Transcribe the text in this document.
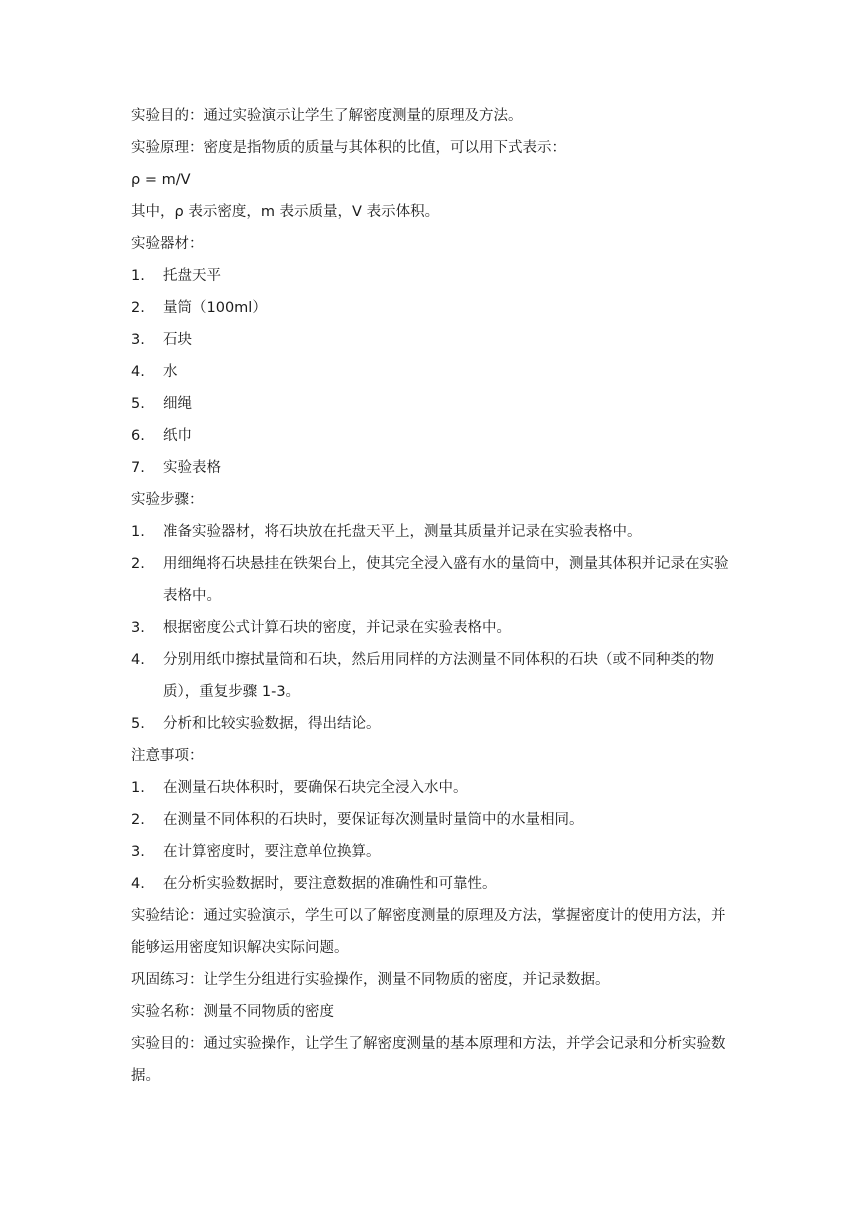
实验目的：通过实验演示让学生了解密度测量的原理及方法。
实验原理：密度是指物质的质量与其体积的比值，可以用下式表示：
ρ = m/V
其中，ρ 表示密度，m 表示质量，V 表示体积。
实验器材：
1.	托盘天平
2.	量筒（100ml）
3.	石块
4.	水
5.	细绳
6.	纸巾
7.	实验表格
实验步骤：
1.	准备实验器材，将石块放在托盘天平上，测量其质量并记录在实验表格中。
2.	用细绳将石块悬挂在铁架台上，使其完全浸入盛有水的量筒中，测量其体积并记录在实验表格中。
3.	根据密度公式计算石块的密度，并记录在实验表格中。
4.	分别用纸巾擦拭量筒和石块，然后用同样的方法测量不同体积的石块（或不同种类的物质），重复步骤 1-3。
5.	分析和比较实验数据，得出结论。
注意事项：
1.	在测量石块体积时，要确保石块完全浸入水中。
2.	在测量不同体积的石块时，要保证每次测量时量筒中的水量相同。
3.	在计算密度时，要注意单位换算。
4.	在分析实验数据时，要注意数据的准确性和可靠性。
实验结论：通过实验演示，学生可以了解密度测量的原理及方法，掌握密度计的使用方法，并能够运用密度知识解决实际问题。
巩固练习：让学生分组进行实验操作，测量不同物质的密度，并记录数据。
实验名称：测量不同物质的密度
实验目的：通过实验操作，让学生了解密度测量的基本原理和方法，并学会记录和分析实验数据。
